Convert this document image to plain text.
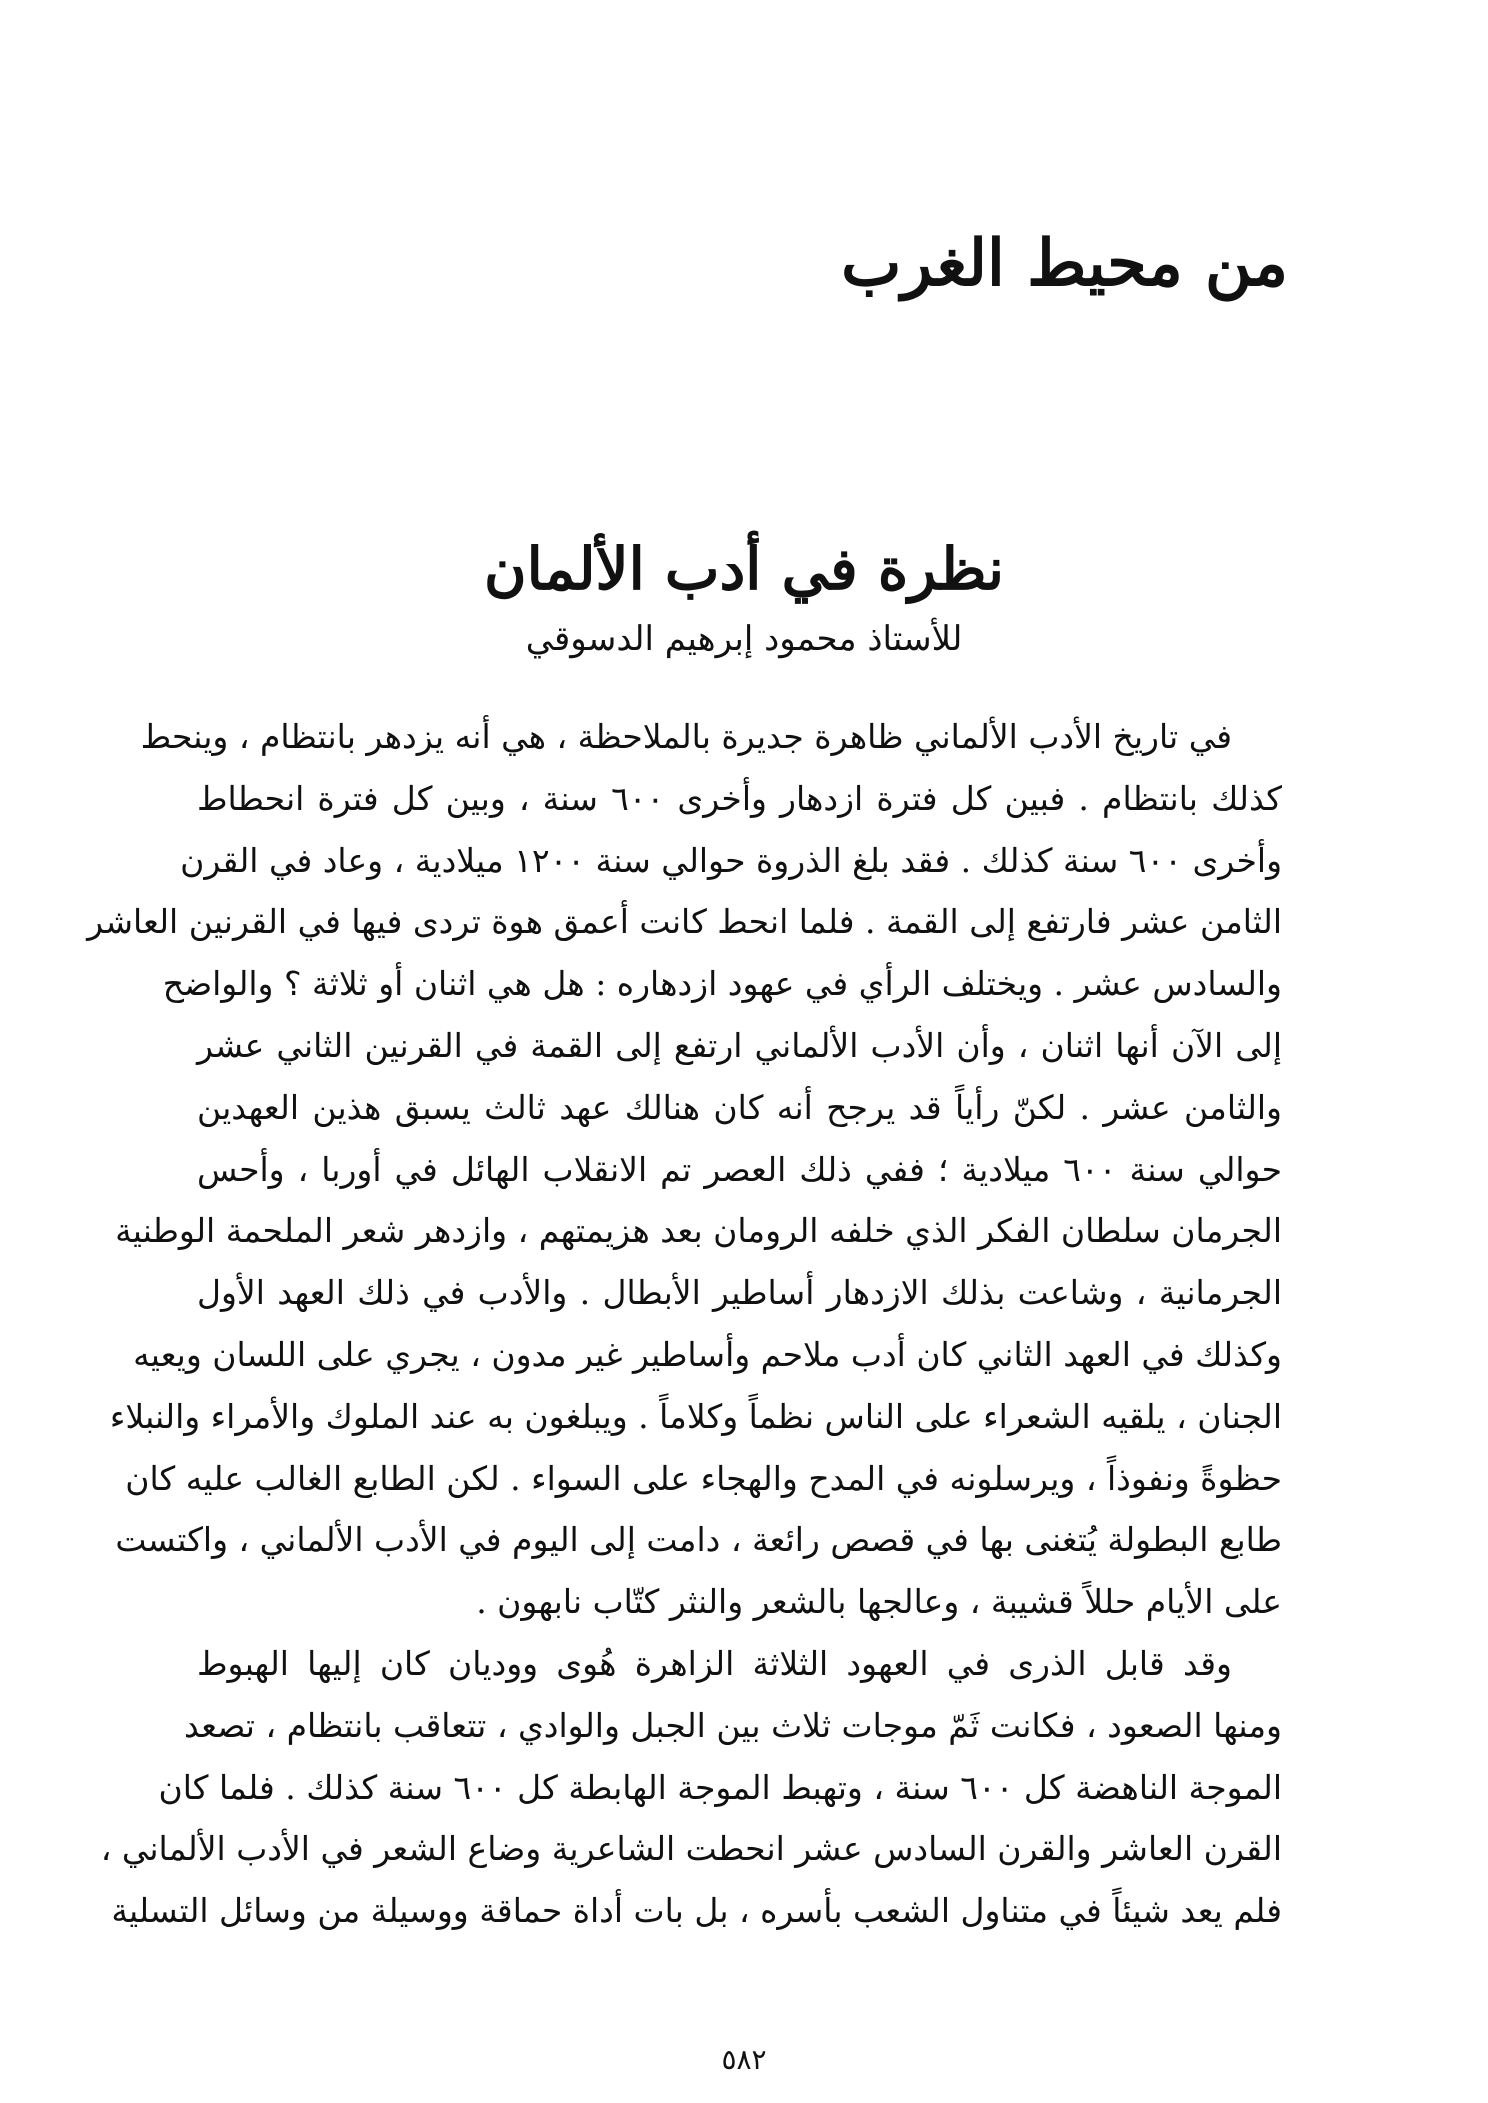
من محيط الغرب
نظرة في أدب الألمان
للأستاذ محمود إبرهيم الدسوقي
في تاريخ الأدب الألماني ظاهرة جديرة بالملاحظة ، هي أنه يزدهر بانتظام ، وينحط
كذلك بانتظام . فبين كل فترة ازدهار وأخرى ٦٠٠ سنة ، وبين كل فترة انحطاط
وأخرى ٦٠٠ سنة كذلك . فقد بلغ الذروة حوالي سنة ١٢٠٠ ميلادية ، وعاد في القرن
الثامن عشر فارتفع إلى القمة . فلما انحط كانت أعمق هوة تردى فيها في القرنين العاشر
والسادس عشر . ويختلف الرأي في عهود ازدهاره : هل هي اثنان أو ثلاثة ؟ والواضح
إلى الآن أنها اثنان ، وأن الأدب الألماني ارتفع إلى القمة في القرنين الثاني عشر
والثامن عشر . لكنّ رأياً قد يرجح أنه كان هنالك عهد ثالث يسبق هذين العهدين
حوالي سنة ٦٠٠ ميلادية ؛ ففي ذلك العصر تم الانقلاب الهائل في أوربا ، وأحس
الجرمان سلطان الفكر الذي خلفه الرومان بعد هزيمتهم ، وازدهر شعر الملحمة الوطنية
الجرمانية ، وشاعت بذلك الازدهار أساطير الأبطال . والأدب في ذلك العهد الأول
وكذلك في العهد الثاني كان أدب ملاحم وأساطير غير مدون ، يجري على اللسان ويعيه
الجنان ، يلقيه الشعراء على الناس نظماً وكلاماً . ويبلغون به عند الملوك والأمراء والنبلاء
حظوةً ونفوذاً ، ويرسلونه في المدح والهجاء على السواء . لكن الطابع الغالب عليه كان
طابع البطولة يُتغنى بها في قصص رائعة ، دامت إلى اليوم في الأدب الألماني ، واكتست
على الأيام حللاً قشيبة ، وعالجها بالشعر والنثر كتّاب نابهون .
وقد قابل الذرى في العهود الثلاثة الزاهرة هُوى ووديان كان إليها الهبوط
ومنها الصعود ، فكانت ثَمّ موجات ثلاث بين الجبل والوادي ، تتعاقب بانتظام ، تصعد
الموجة الناهضة كل ٦٠٠ سنة ، وتهبط الموجة الهابطة كل ٦٠٠ سنة كذلك . فلما كان
القرن العاشر والقرن السادس عشر انحطت الشاعرية وضاع الشعر في الأدب الألماني ،
فلم يعد شيئاً في متناول الشعب بأسره ، بل بات أداة حماقة ووسيلة من وسائل التسلية
٥٨٢
